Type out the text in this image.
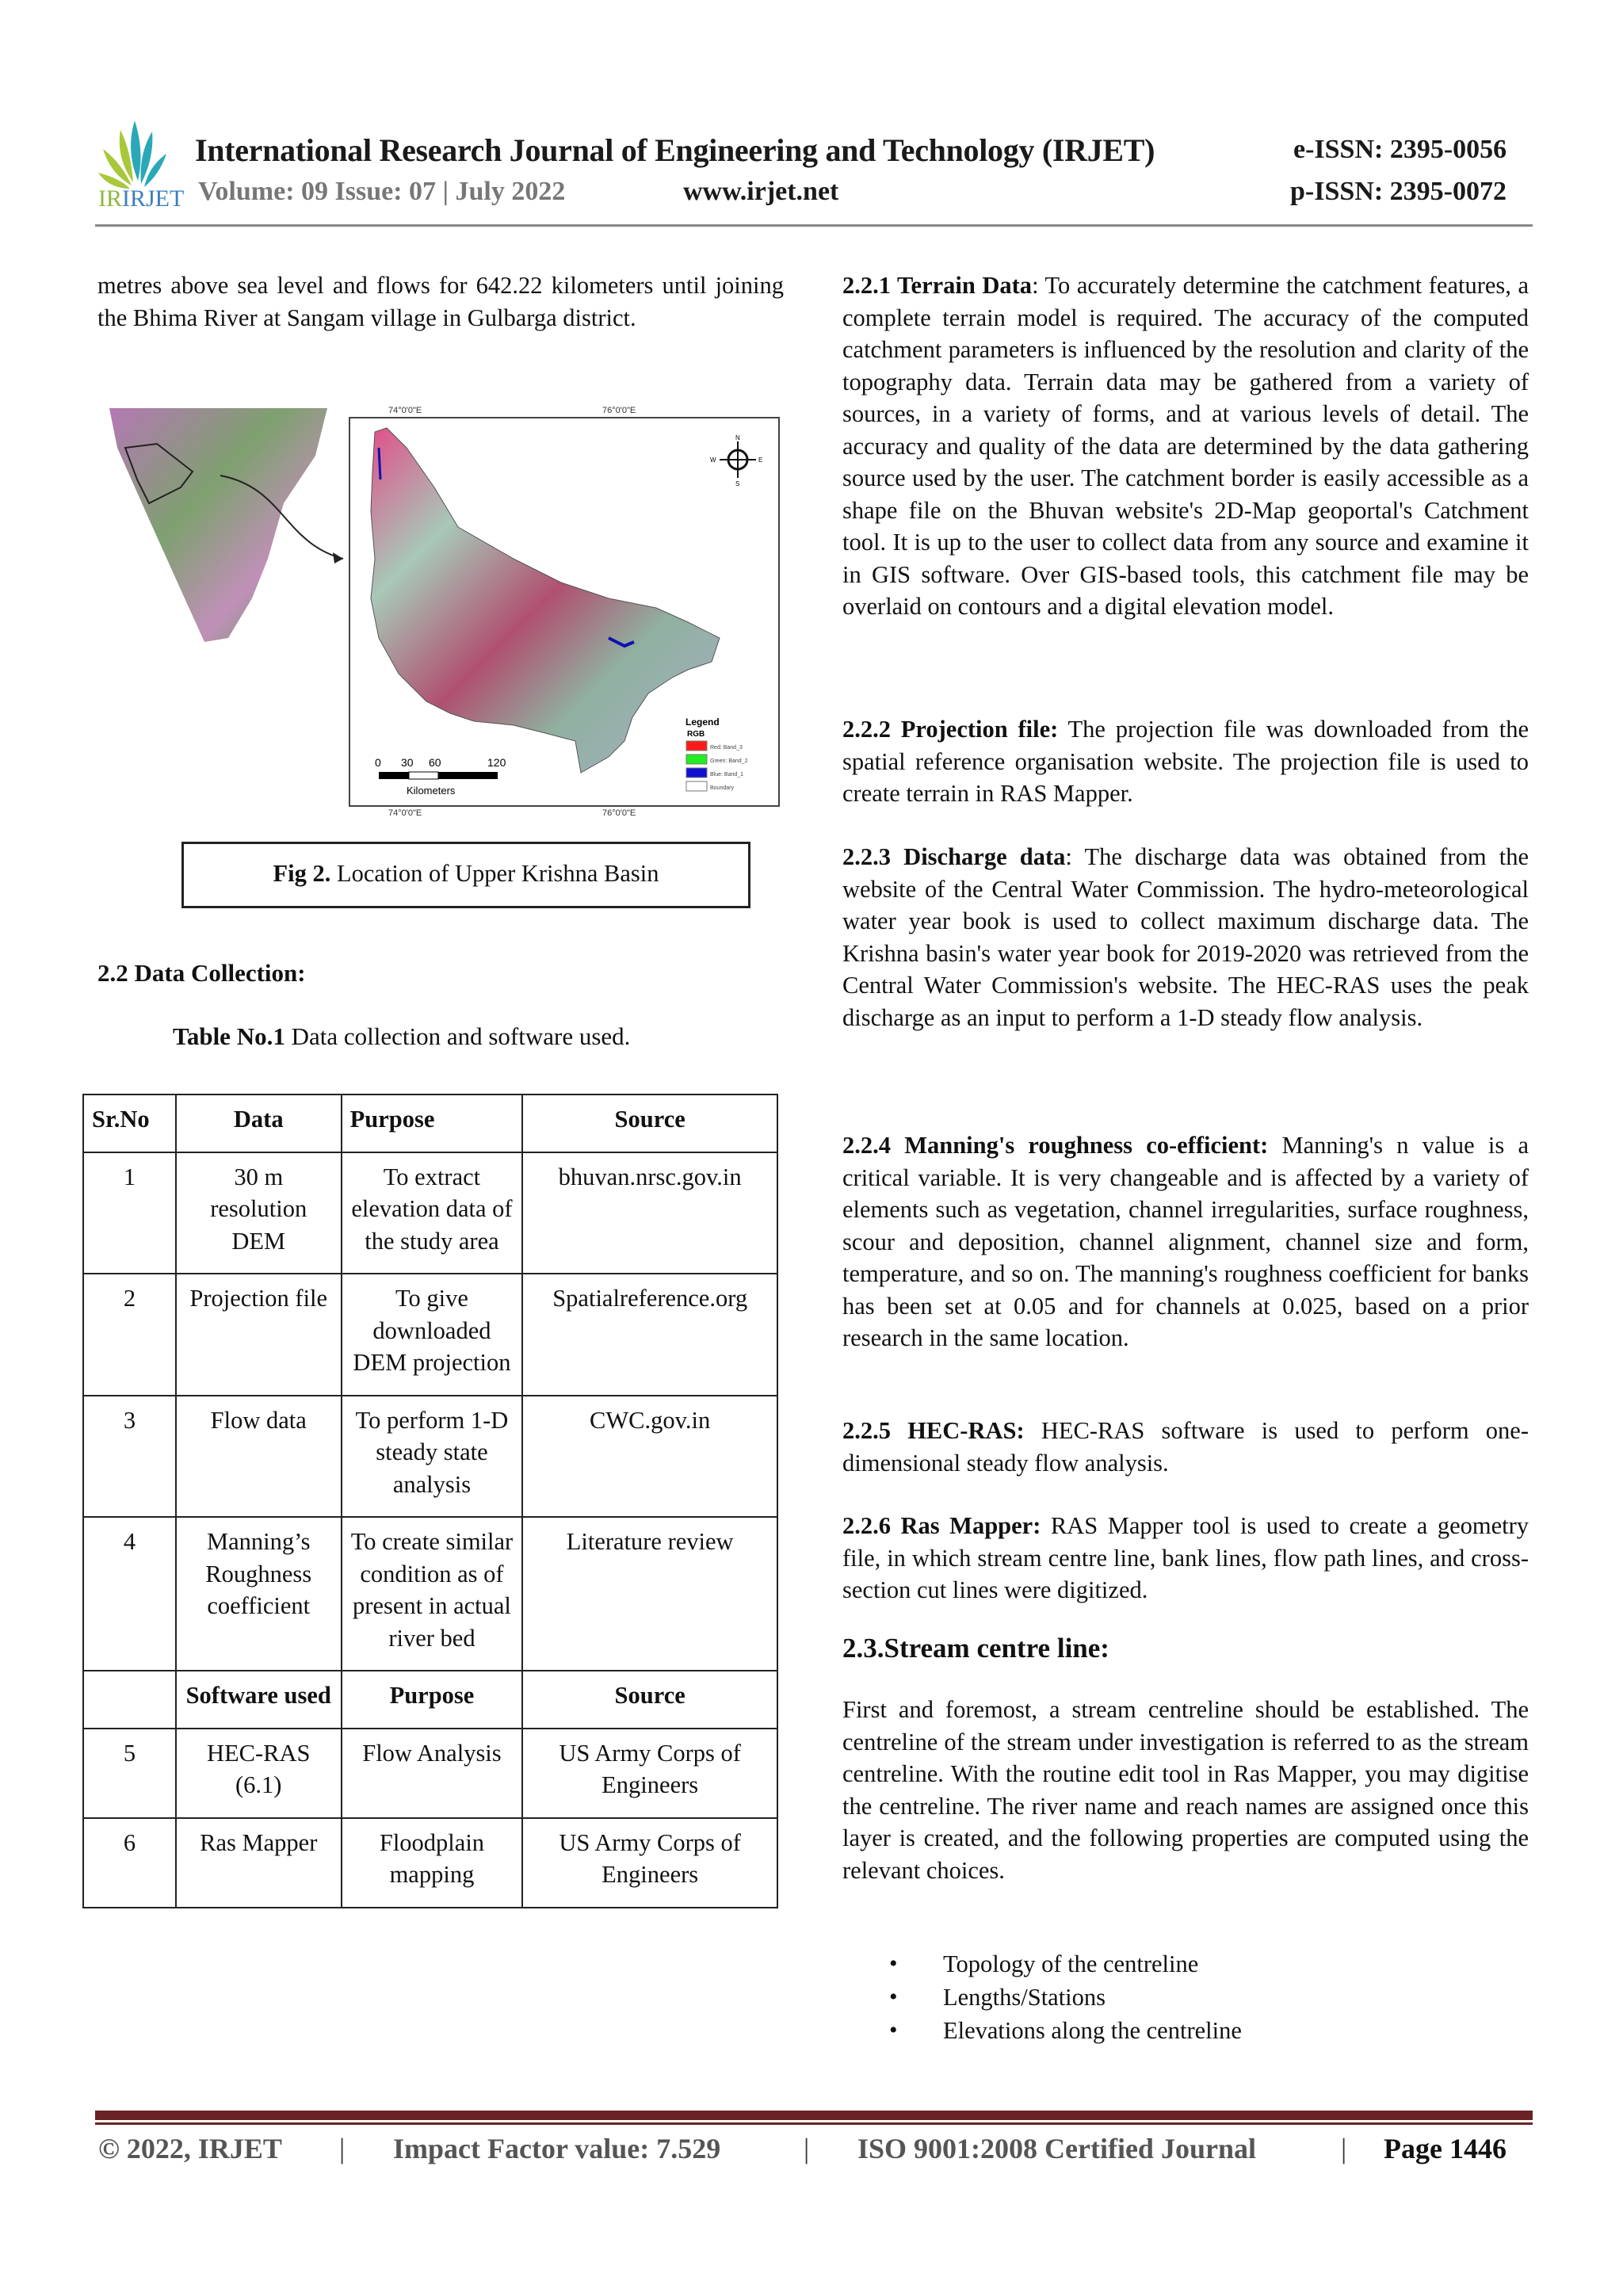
IRIRJET
International Research Journal of Engineering and Technology (IRJET)	e-ISSN: 2395-0056
Volume: 09 Issue: 07 | July 2022	www.irjet.net	p-ISSN: 2395-0072
metres above sea level and flows for 642.22 kilometers until joining the Bhima River at Sangam village in Gulbarga district.
74°0'0"E	76°0'0"E
74°0'0"E	76°0'0"E
N
S
E
W
0 30 60	120
Kilometers
Legend
RGB
Red: Band_3
Green: Band_2
Blue: Band_1
Boundary
Fig 2. Location of Upper Krishna Basin
2.2 Data Collection:
Table No.1 Data collection and software used.
Sr.No	Data	Purpose	Source
1	30 m resolution DEM	To extract elevation data of the study area	bhuvan.nrsc.gov.in
2	Projection file	To give downloaded DEM projection	Spatialreference.org
3	Flow data	To perform 1-D steady state analysis	CWC.gov.in
4	Manning’s Roughness coefficient	To create similar condition as of present in actual river bed	Literature review
	Software used	Purpose	Source
5	HEC-RAS (6.1)	Flow Analysis	US Army Corps of Engineers
6	Ras Mapper	Floodplain mapping	US Army Corps of Engineers
2.2.1 Terrain Data: To accurately determine the catchment features, a complete terrain model is required. The accuracy of the computed catchment parameters is influenced by the resolution and clarity of the topography data. Terrain data may be gathered from a variety of sources, in a variety of forms, and at various levels of detail. The accuracy and quality of the data are determined by the data gathering source used by the user. The catchment border is easily accessible as a shape file on the Bhuvan website's 2D-Map geoportal's Catchment tool. It is up to the user to collect data from any source and examine it in GIS software. Over GIS-based tools, this catchment file may be overlaid on contours and a digital elevation model.
2.2.2 Projection file: The projection file was downloaded from the spatial reference organisation website. The projection file is used to create terrain in RAS Mapper.
2.2.3 Discharge data: The discharge data was obtained from the website of the Central Water Commission. The hydro-meteorological water year book is used to collect maximum discharge data. The Krishna basin's water year book for 2019-2020 was retrieved from the Central Water Commission's website. The HEC-RAS uses the peak discharge as an input to perform a 1-D steady flow analysis.
2.2.4 Manning's roughness co-efficient: Manning's n value is a critical variable. It is very changeable and is affected by a variety of elements such as vegetation, channel irregularities, surface roughness, scour and deposition, channel alignment, channel size and form, temperature, and so on. The manning's roughness coefficient for banks has been set at 0.05 and for channels at 0.025, based on a prior research in the same location.
2.2.5 HEC-RAS: HEC-RAS software is used to perform one-dimensional steady flow analysis.
2.2.6 Ras Mapper: RAS Mapper tool is used to create a geometry file, in which stream centre line, bank lines, flow path lines, and cross-section cut lines were digitized.
2.3.Stream centre line:
First and foremost, a stream centreline should be established. The centreline of the stream under investigation is referred to as the stream centreline. With the routine edit tool in Ras Mapper, you may digitise the centreline. The river name and reach names are assigned once this layer is created, and the following properties are computed using the relevant choices.
• Topology of the centreline
• Lengths/Stations
• Elevations along the centreline
© 2022, IRJET | Impact Factor value: 7.529	| ISO 9001:2008 Certified Journal	| Page 1446
